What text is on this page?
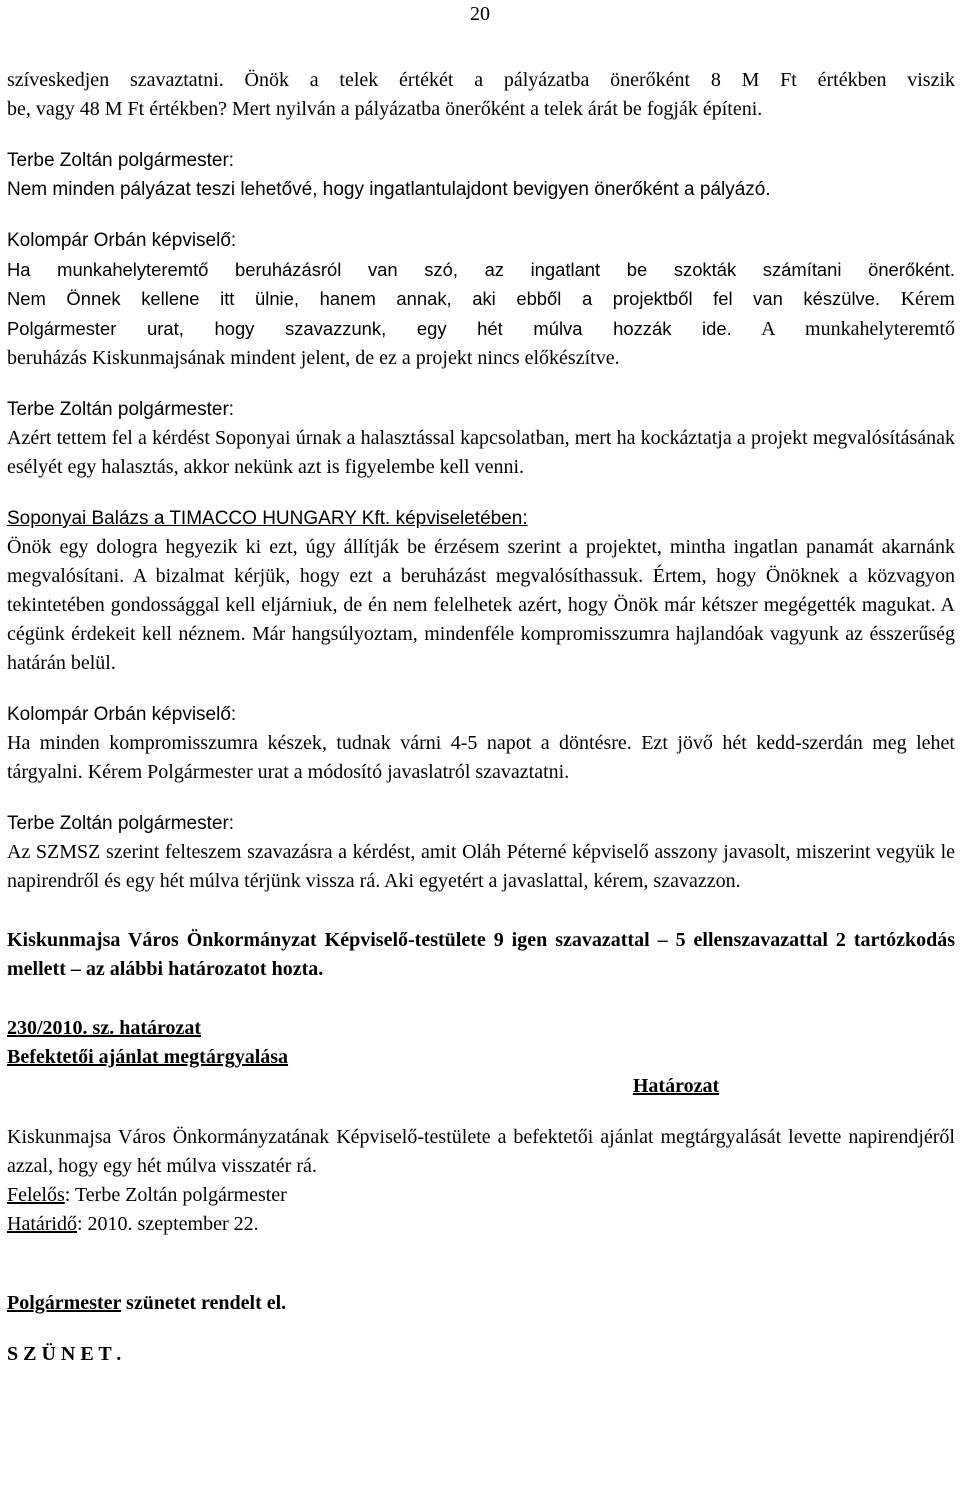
20

szíveskedjen szavaztatni. Önök a telek értékét a pályázatba önerőként 8 M Ft értékben viszik

be, vagy 48 M Ft értékben? Mert nyilván a pályázatba önerőként a telek árát be fogják építeni.

Terbe Zoltán polgármester:

Nem minden pályázat teszi lehetővé, hogy ingatlantulajdont bevigyen önerőként a pályázó.

Kolompár Orbán képviselő:

Ha munkahelyteremtő beruházásról van szó, az ingatlant be szokták számítani önerőként.

Nem Önnek kellene itt ülnie, hanem annak, aki ebből a projektből fel van készülve. Kérem

Polgármester urat, hogy szavazzunk, egy hét múlva hozzák ide. A munkahelyteremtő

beruházás Kiskunmajsának mindent jelent, de ez a projekt nincs előkészítve.

Terbe Zoltán polgármester:

Azért tettem fel a kérdést Soponyai úrnak a halasztással kapcsolatban, mert ha kockáztatja a projekt megvalósításának esélyét egy halasztás, akkor nekünk azt is figyelembe kell venni.

Soponyai Balázs a TIMACCO HUNGARY Kft. képviseletében:

Önök egy dologra hegyezik ki ezt, úgy állítják be érzésem szerint a projektet, mintha ingatlan panamát akarnánk megvalósítani. A bizalmat kérjük, hogy ezt a beruházást megvalósíthassuk. Értem, hogy Önöknek a közvagyon tekintetében gondossággal kell eljárniuk, de én nem felelhetek azért, hogy Önök már kétszer megégették magukat. A cégünk érdekeit kell néznem. Már hangsúlyoztam, mindenféle kompromisszumra hajlandóak vagyunk az ésszerűség határán belül.

Kolompár Orbán képviselő:

Ha minden kompromisszumra készek, tudnak várni 4-5 napot a döntésre. Ezt jövő hét kedd-szerdán meg lehet tárgyalni. Kérem Polgármester urat a módosító javaslatról szavaztatni.

Terbe Zoltán polgármester:

Az SZMSZ szerint felteszem szavazásra a kérdést, amit Oláh Péterné képviselő asszony javasolt, miszerint vegyük le napirendről és egy hét múlva térjünk vissza rá. Aki egyetért a javaslattal, kérem, szavazzon.

Kiskunmajsa Város Önkormányzat Képviselő-testülete 9 igen szavazattal – 5 ellenszavazattal 2 tartózkodás mellett – az alábbi határozatot hozta.

230/2010. sz. határozat

Befektetői ajánlat megtárgyalása

Határozat

Kiskunmajsa Város Önkormányzatának Képviselő-testülete a befektetői ajánlat megtárgyalását levette napirendjéről azzal, hogy egy hét múlva visszatér rá.

Felelős: Terbe Zoltán polgármester

Határidő: 2010. szeptember 22.

Polgármester szünetet rendelt el.

S Z Ü N E T .
